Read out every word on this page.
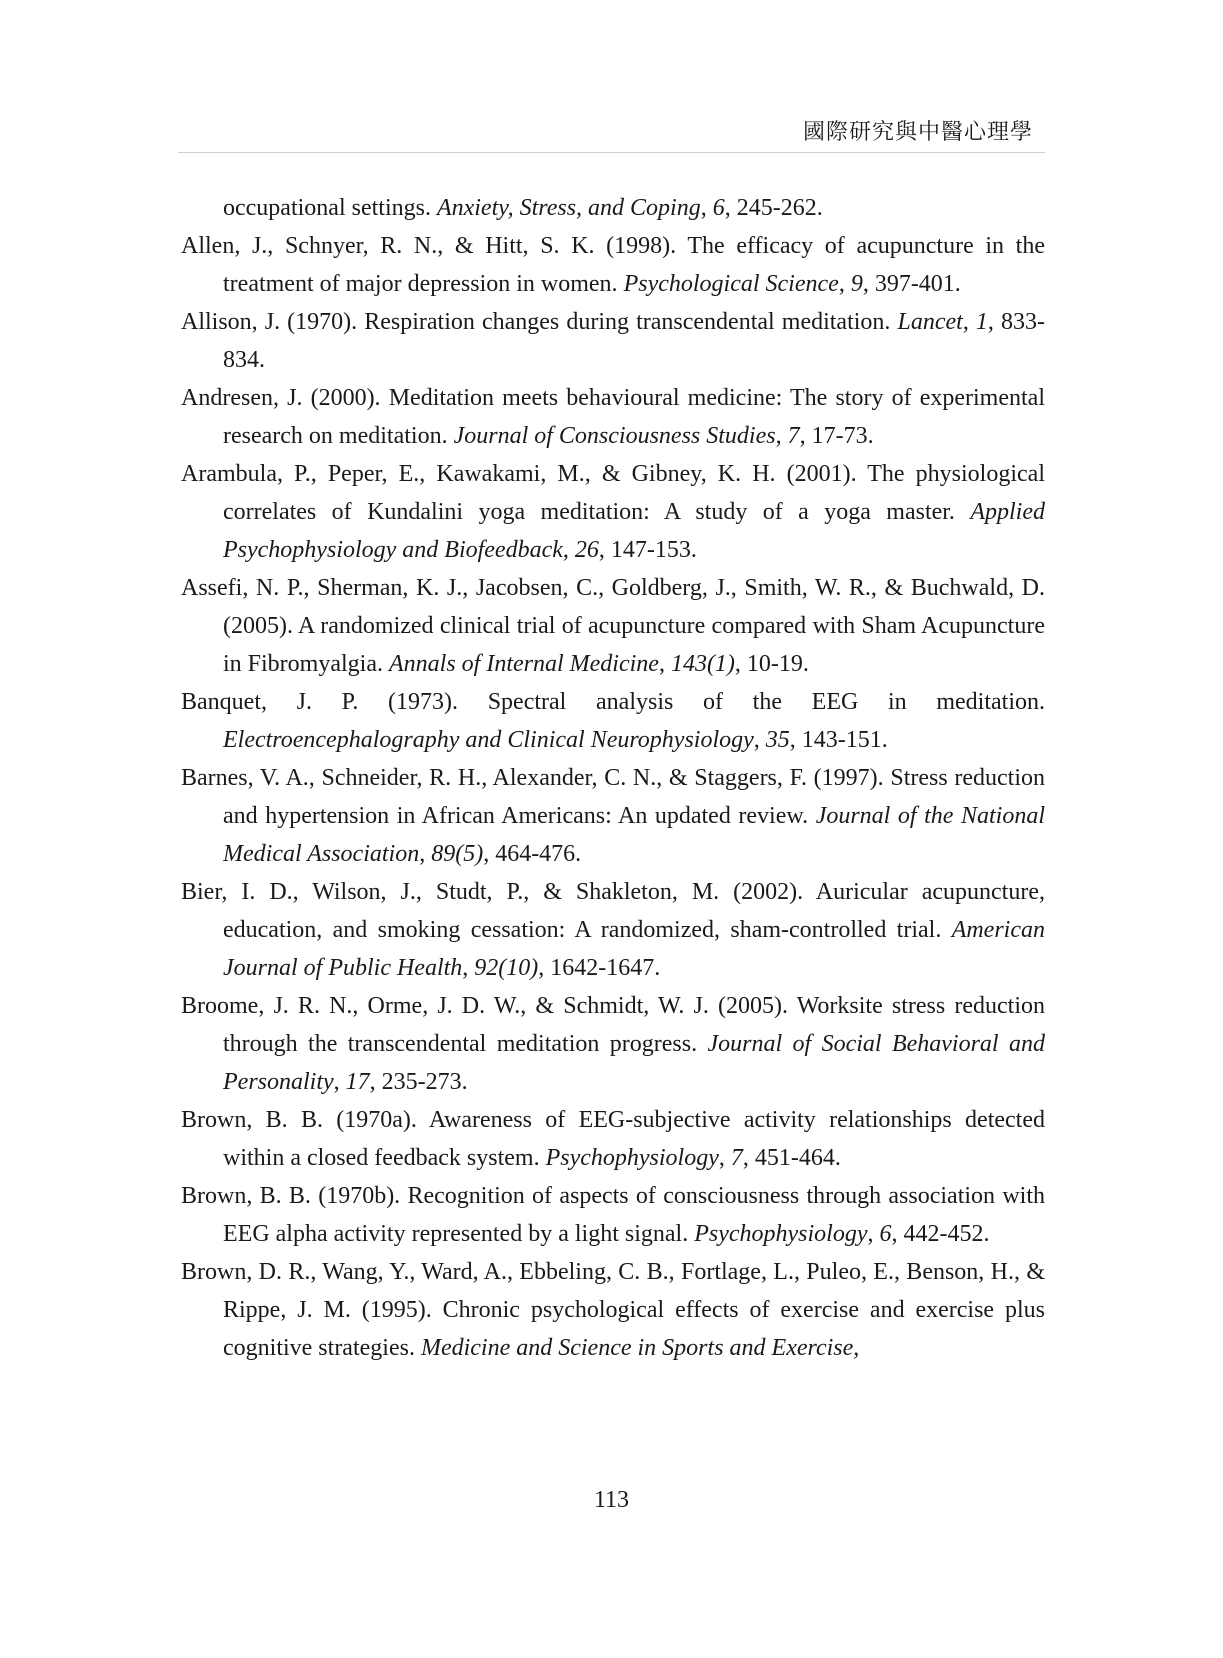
國際研究與中醫心理學

occupational settings. Anxiety, Stress, and Coping, 6, 245-262.

Allen, J., Schnyer, R. N., & Hitt, S. K. (1998). The efficacy of acupuncture in the treatment of major depression in women. Psychological Science, 9, 397-401.

Allison, J. (1970). Respiration changes during transcendental meditation. Lancet, 1, 833-834.

Andresen, J. (2000). Meditation meets behavioural medicine: The story of experimental research on meditation. Journal of Consciousness Studies, 7, 17-73.

Arambula, P., Peper, E., Kawakami, M., & Gibney, K. H. (2001). The physiological correlates of Kundalini yoga meditation: A study of a yoga master. Applied Psychophysiology and Biofeedback, 26, 147-153.

Assefi, N. P., Sherman, K. J., Jacobsen, C., Goldberg, J., Smith, W. R., & Buchwald, D. (2005). A randomized clinical trial of acupuncture compared with Sham Acupuncture in Fibromyalgia. Annals of Internal Medicine, 143(1), 10-19.

Banquet, J. P. (1973). Spectral analysis of the EEG in meditation. Electroencephalography and Clinical Neurophysiology, 35, 143-151.

Barnes, V. A., Schneider, R. H., Alexander, C. N., & Staggers, F. (1997). Stress reduction and hypertension in African Americans: An updated review. Journal of the National Medical Association, 89(5), 464-476.

Bier, I. D., Wilson, J., Studt, P., & Shakleton, M. (2002). Auricular acupuncture, education, and smoking cessation: A randomized, sham-controlled trial. American Journal of Public Health, 92(10), 1642-1647.

Broome, J. R. N., Orme, J. D. W., & Schmidt, W. J. (2005). Worksite stress reduction through the transcendental meditation progress. Journal of Social Behavioral and Personality, 17, 235-273.

Brown, B. B. (1970a). Awareness of EEG-subjective activity relationships detected within a closed feedback system. Psychophysiology, 7, 451-464.

Brown, B. B. (1970b). Recognition of aspects of consciousness through association with EEG alpha activity represented by a light signal. Psychophysiology, 6, 442-452.

Brown, D. R., Wang, Y., Ward, A., Ebbeling, C. B., Fortlage, L., Puleo, E., Benson, H., & Rippe, J. M. (1995). Chronic psychological effects of exercise and exercise plus cognitive strategies. Medicine and Science in Sports and Exercise,

113
